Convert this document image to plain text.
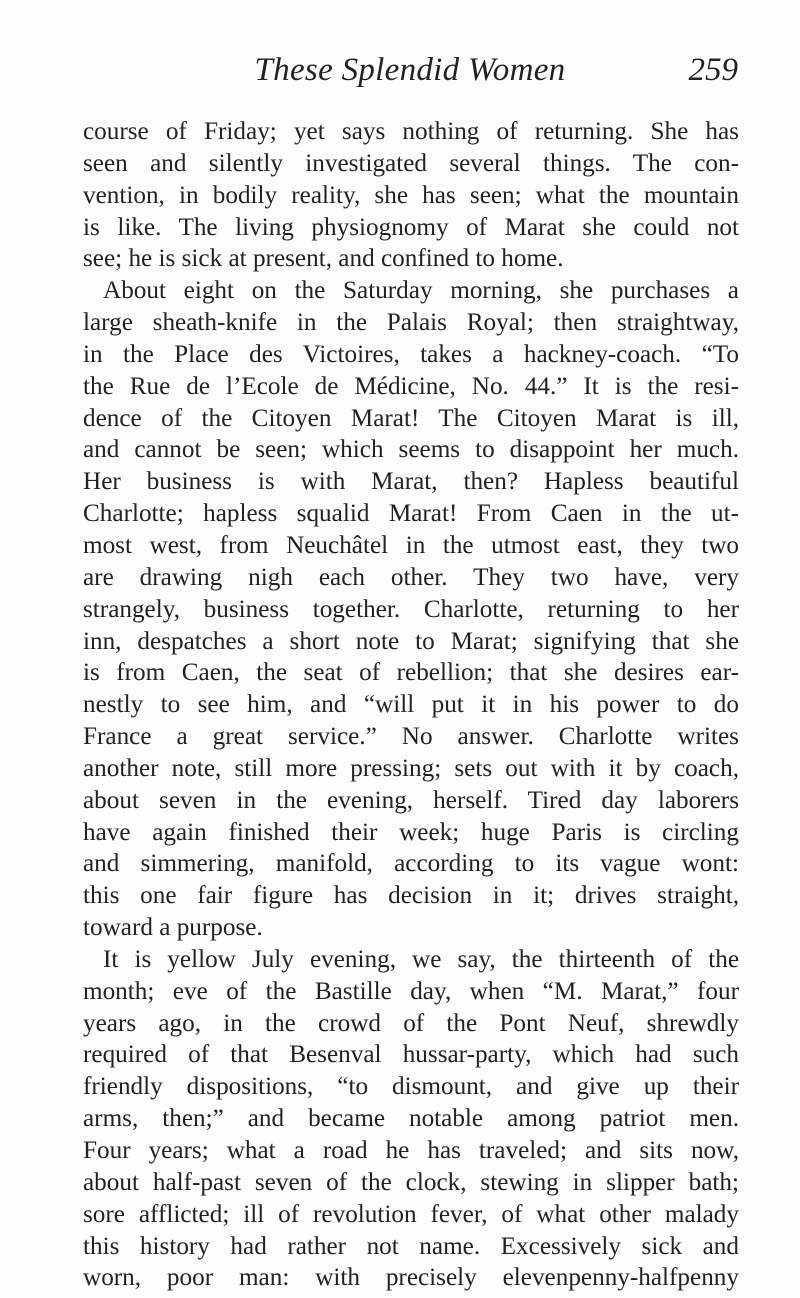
These Splendid Women	259
course of Friday; yet says nothing of returning. She has
seen and silently investigated several things. The con-
vention, in bodily reality, she has seen; what the mountain
is like. The living physiognomy of Marat she could not
see; he is sick at present, and confined to home.
About eight on the Saturday morning, she purchases a
large sheath-knife in the Palais Royal; then straightway,
in the Place des Victoires, takes a hackney-coach. “To
the Rue de l’Ecole de Médicine, No. 44.” It is the resi-
dence of the Citoyen Marat! The Citoyen Marat is ill,
and cannot be seen; which seems to disappoint her much.
Her business is with Marat, then? Hapless beautiful
Charlotte; hapless squalid Marat! From Caen in the ut-
most west, from Neuchâtel in the utmost east, they two
are drawing nigh each other. They two have, very
strangely, business together. Charlotte, returning to her
inn, despatches a short note to Marat; signifying that she
is from Caen, the seat of rebellion; that she desires ear-
nestly to see him, and “will put it in his power to do
France a great service.” No answer. Charlotte writes
another note, still more pressing; sets out with it by coach,
about seven in the evening, herself. Tired day laborers
have again finished their week; huge Paris is circling
and simmering, manifold, according to its vague wont:
this one fair figure has decision in it; drives straight,
toward a purpose.
It is yellow July evening, we say, the thirteenth of the
month; eve of the Bastille day, when “M. Marat,” four
years ago, in the crowd of the Pont Neuf, shrewdly
required of that Besenval hussar-party, which had such
friendly dispositions, “to dismount, and give up their
arms, then;” and became notable among patriot men.
Four years; what a road he has traveled; and sits now,
about half-past seven of the clock, stewing in slipper bath;
sore afflicted; ill of revolution fever, of what other malady
this history had rather not name. Excessively sick and
worn, poor man: with precisely elevenpenny-halfpenny
